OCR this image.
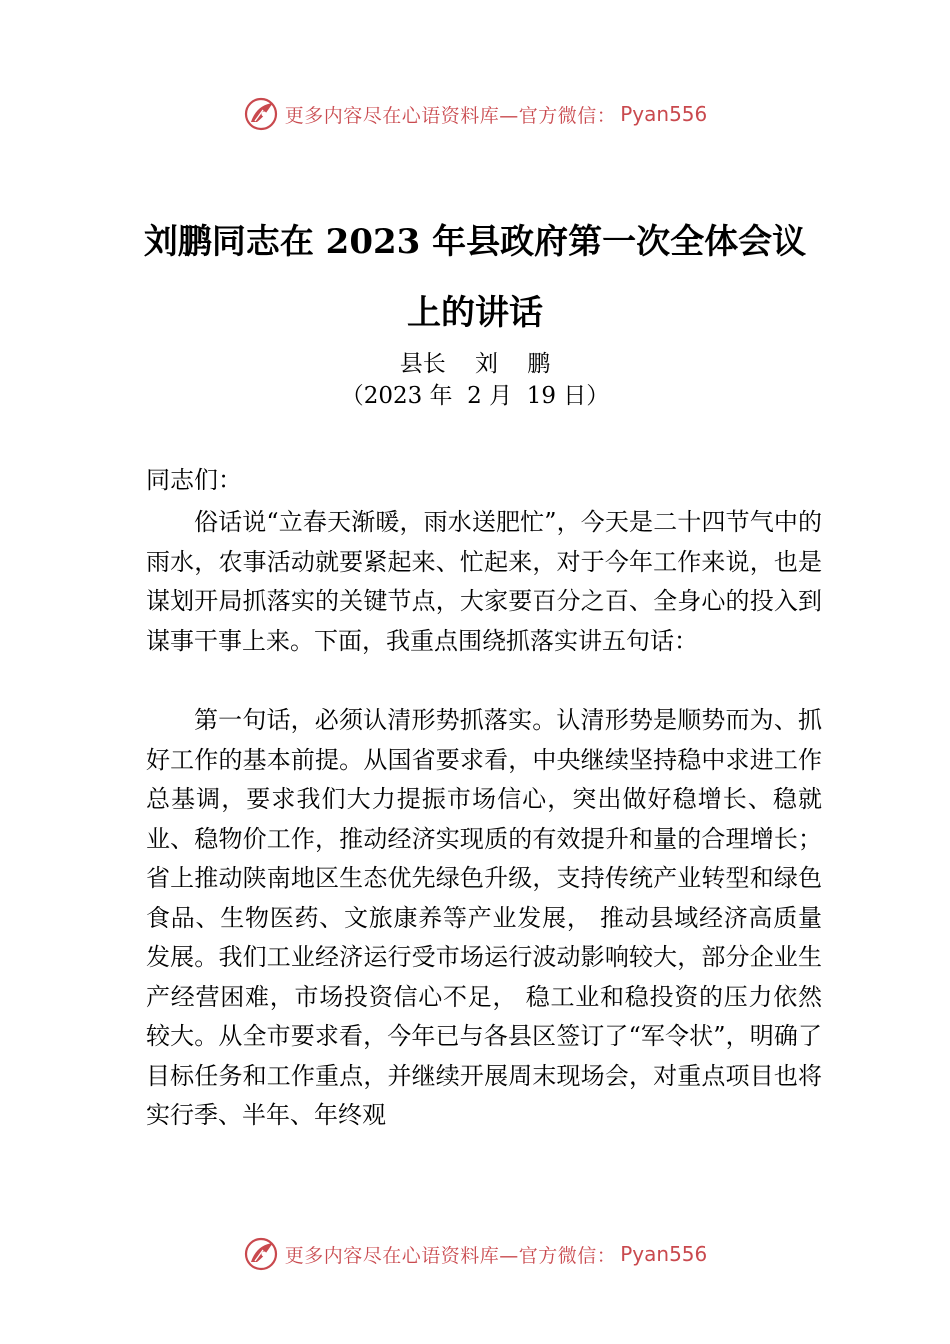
更多内容尽在心语资料库—官方微信： Pyan556
刘鹏同志在 2023 年县政府第一次全体会议
上的讲话
县长    刘    鹏
（2023 年  2 月  19 日）
同志们：

俗话说“立春天渐暖，雨水送肥忙”，今天是二十四节气中的雨水，农事活动就要紧起来、忙起来，对于今年工作来说，也是谋划开局抓落实的关键节点，大家要百分之百、全身心的投入到谋事干事上来。下面，我重点围绕抓落实讲五句话：

第一句话，必须认清形势抓落实。认清形势是顺势而为、抓好工作的基本前提。从国省要求看，中央继续坚持稳中求进工作总基调，要求我们大力提振市场信心，突出做好稳增长、稳就业、稳物价工作，推动经济实现质的有效提升和量的合理增长；省上推动陕南地区生态优先绿色升级，支持传统产业转型和绿色食品、生物医药、文旅康养等产业发展， 推动县域经济高质量发展。我们工业经济运行受市场运行波动影响较大，部分企业生产经营困难，市场投资信心不足， 稳工业和稳投资的压力依然较大。从全市要求看，今年已与各县区签订了“军令状”，明确了目标任务和工作重点，并继续开展周末现场会，对重点项目也将实行季、半年、年终观

更多内容尽在心语资料库—官方微信： Pyan556
